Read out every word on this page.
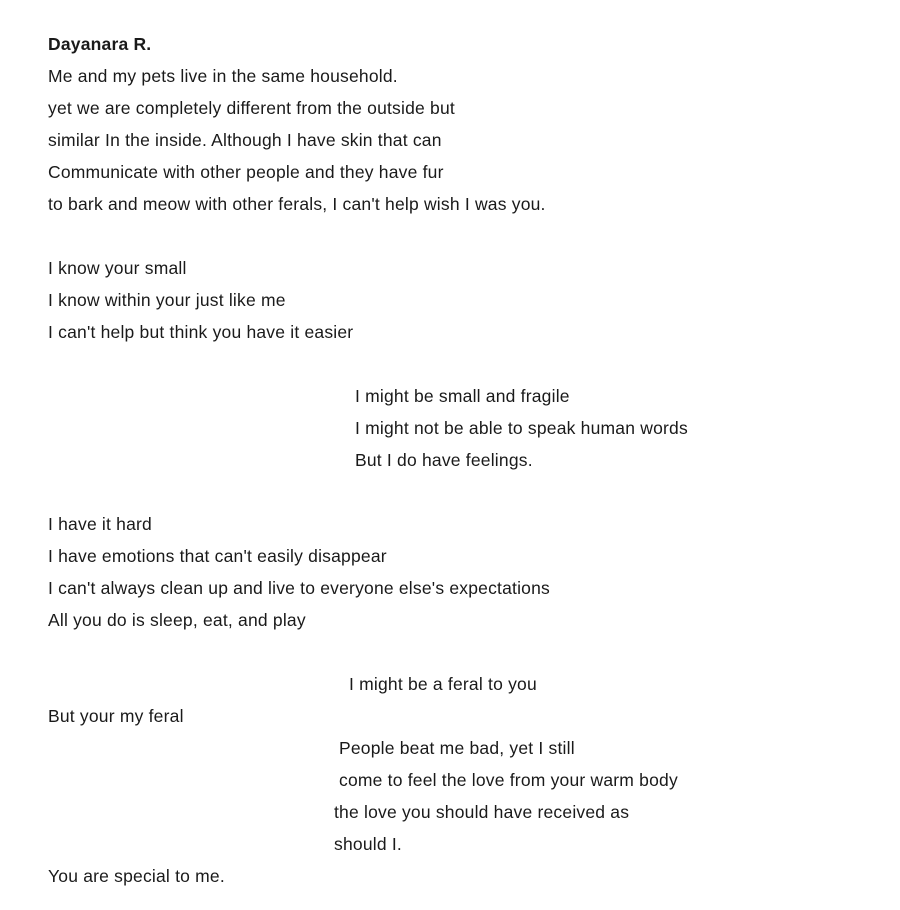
Dayanara R.
Me and my pets live in the same household.
yet we are completely different from the outside but
similar In the inside. Although I have skin that can
Communicate with other people and they have fur
to bark and meow with other ferals, I can't help wish I was you.
I know your small
I know within your just like me
I can't help but think you have it easier
I might be small and fragile
I might not be able to speak human words
But I do have feelings.
I have it hard
I have emotions that can't easily disappear
I can't always clean up and live to everyone else's expectations
All you do is sleep, eat, and play
I might be a feral to you
But your my feral
People beat me bad, yet I still
come to feel the love from your warm body
the love you should have received as
should I.
You are special to me.
